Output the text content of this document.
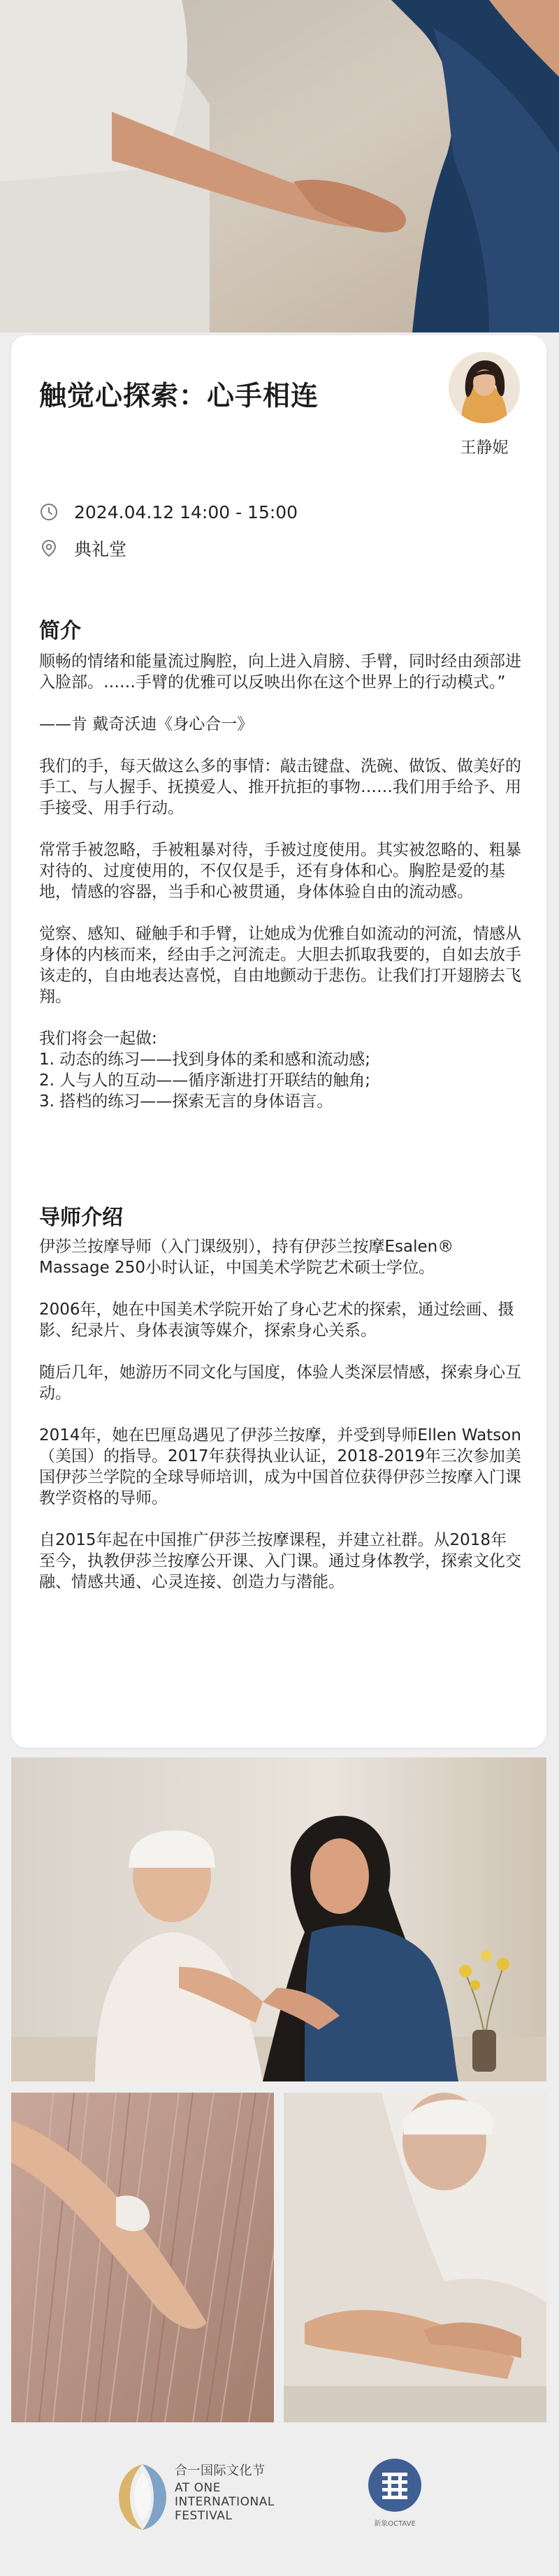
触觉心探索：心手相连
王静妮
2024.04.12 14:00 - 15:00
典礼堂
简介

顺畅的情绪和能量流过胸腔，向上进入肩膀、手臂，同时经由颈部进入脸部。……手臂的优雅可以反映出你在这个世界上的行动模式。”

——肯 戴奇沃迪《身心合一》

我们的手，每天做这么多的事情：敲击键盘、洗碗、做饭、做美好的手工、与人握手、抚摸爱人、推开抗拒的事物……我们用手给予、用手接受、用手行动。

常常手被忽略，手被粗暴对待，手被过度使用。其实被忽略的、粗暴对待的、过度使用的，不仅仅是手，还有身体和心。胸腔是爱的基地，情感的容器，当手和心被贯通，身体体验自由的流动感。

觉察、感知、碰触手和手臂，让她成为优雅自如流动的河流，情感从身体的内核而来，经由手之河流走。大胆去抓取我要的，自如去放手该走的，自由地表达喜悦，自由地颤动于悲伤。让我们打开翅膀去飞翔。

我们将会一起做:
1. 动态的练习——找到身体的柔和感和流动感;
2. 人与人的互动——循序渐进打开联结的触角;
3. 搭档的练习——探索无言的身体语言。

导师介绍

伊莎兰按摩导师（入门课级别），持有伊莎兰按摩Esalen® Massage 250小时认证，中国美术学院艺术硕士学位。

2006年，她在中国美术学院开始了身心艺术的探索，通过绘画、摄影、纪录片、身体表演等媒介，探索身心关系。

随后几年，她游历不同文化与国度，体验人类深层情感，探索身心互动。

2014年，她在巴厘岛遇见了伊莎兰按摩，并受到导师Ellen Watson（美国）的指导。2017年获得执业认证，2018-2019年三次参加美国伊莎兰学院的全球导师培训，成为中国首位获得伊莎兰按摩入门课教学资格的导师。

自2015年起在中国推广伊莎兰按摩课程，并建立社群。从2018年至今，执教伊莎兰按摩公开课、入门课。通过身体教学，探索文化交融、情感共通、心灵连接、创造力与潜能。

合一国际文化节
AT ONE
INTERNATIONAL
FESTIVAL
新象OCTAVE
